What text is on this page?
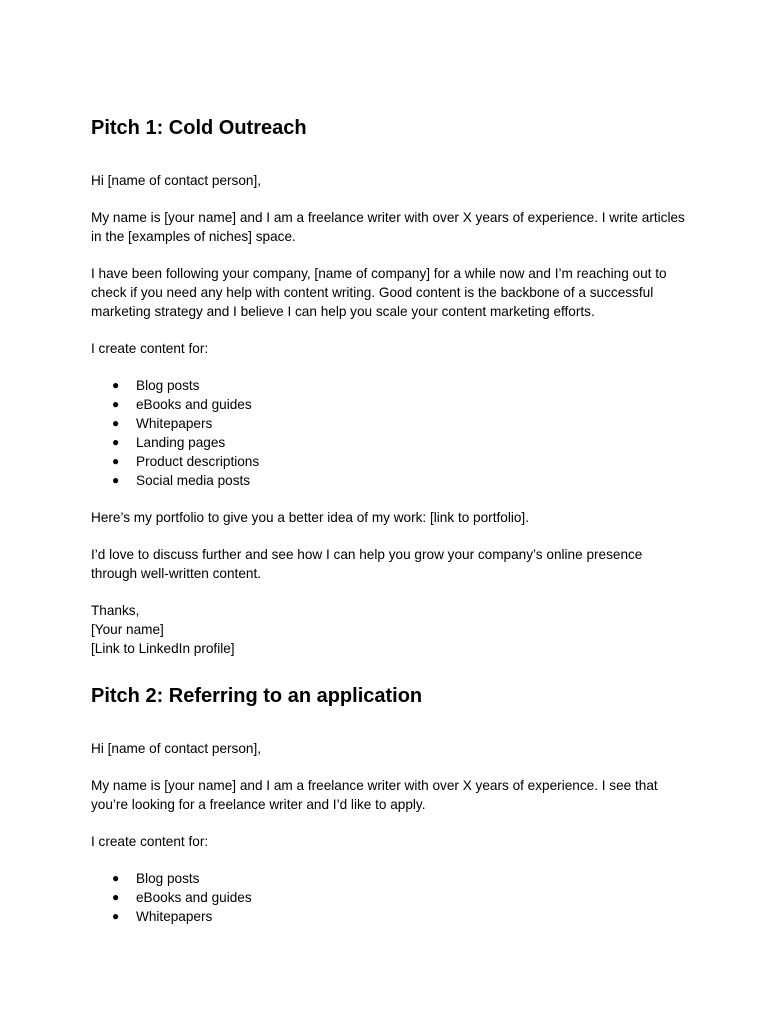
Pitch 1: Cold Outreach

Hi [name of contact person],

My name is [your name] and I am a freelance writer with over X years of experience. I write articles in the [examples of niches] space.

I have been following your company, [name of company] for a while now and I’m reaching out to check if you need any help with content writing. Good content is the backbone of a successful marketing strategy and I believe I can help you scale your content marketing efforts.

I create content for:

● Blog posts
● eBooks and guides
● Whitepapers
● Landing pages
● Product descriptions
● Social media posts

Here’s my portfolio to give you a better idea of my work: [link to portfolio].

I’d love to discuss further and see how I can help you grow your company’s online presence through well-written content.

Thanks,
[Your name]
[Link to LinkedIn profile]

Pitch 2: Referring to an application

Hi [name of contact person],

My name is [your name] and I am a freelance writer with over X years of experience. I see that you’re looking for a freelance writer and I’d like to apply.

I create content for:

● Blog posts
● eBooks and guides
● Whitepapers
